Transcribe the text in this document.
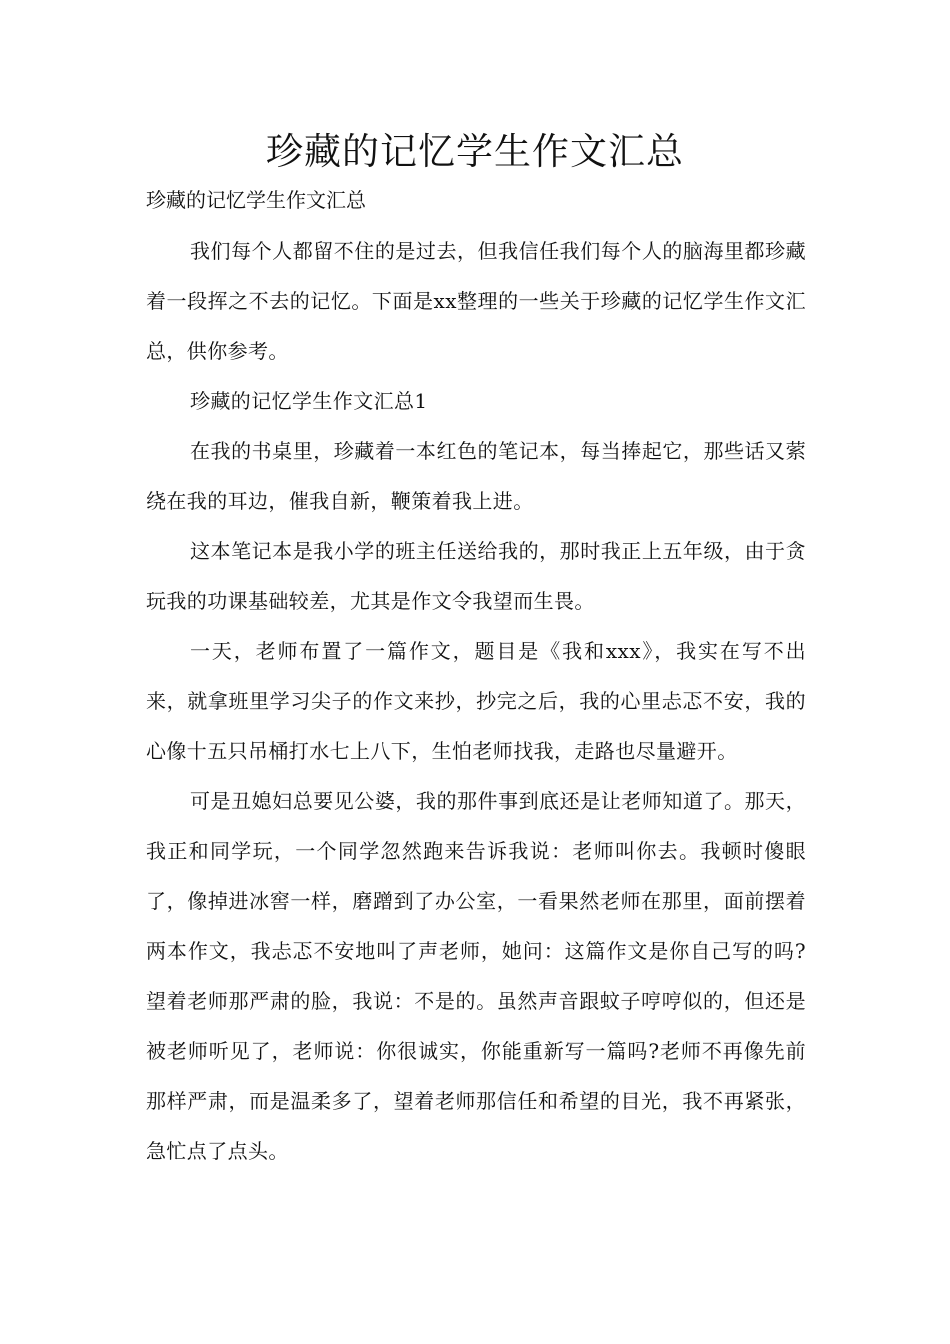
珍藏的记忆学生作文汇总

珍藏的记忆学生作文汇总

我们每个人都留不住的是过去，但我信任我们每个人的脑海里都珍藏着一段挥之不去的记忆。下面是xx整理的一些关于珍藏的记忆学生作文汇总，供你参考。

珍藏的记忆学生作文汇总1

在我的书桌里，珍藏着一本红色的笔记本，每当捧起它，那些话又萦绕在我的耳边，催我自新，鞭策着我上进。

这本笔记本是我小学的班主任送给我的，那时我正上五年级，由于贪玩我的功课基础较差，尤其是作文令我望而生畏。

一天，老师布置了一篇作文，题目是《我和xxx》，我实在写不出来，就拿班里学习尖子的作文来抄，抄完之后，我的心里忐忑不安，我的心像十五只吊桶打水七上八下，生怕老师找我，走路也尽量避开。

可是丑媳妇总要见公婆，我的那件事到底还是让老师知道了。那天，我正和同学玩，一个同学忽然跑来告诉我说：老师叫你去。我顿时傻眼了，像掉进冰窖一样，磨蹭到了办公室，一看果然老师在那里，面前摆着两本作文，我忐忑不安地叫了声老师，她问：这篇作文是你自己写的吗?望着老师那严肃的脸，我说：不是的。虽然声音跟蚊子哼哼似的，但还是被老师听见了，老师说：你很诚实，你能重新写一篇吗?老师不再像先前那样严肃，而是温柔多了，望着老师那信任和希望的目光，我不再紧张，急忙点了点头。
